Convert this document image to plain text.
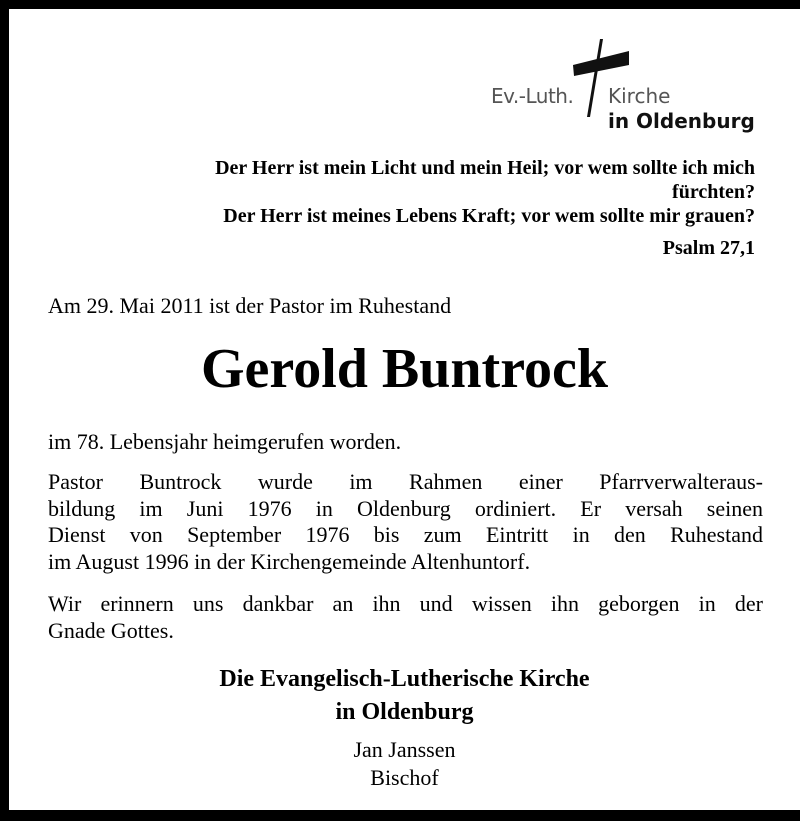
Ev.-Luth. Kirche
in Oldenburg
Der Herr ist mein Licht und mein Heil; vor wem sollte ich mich
fürchten?
Der Herr ist meines Lebens Kraft; vor wem sollte mir grauen?
Psalm 27,1
Am 29. Mai 2011 ist der Pastor im Ruhestand
Gerold Buntrock
im 78. Lebensjahr heimgerufen worden.
Pastor Buntrock wurde im Rahmen einer Pfarrverwalteraus-
bildung im Juni 1976 in Oldenburg ordiniert. Er versah seinen
Dienst von September 1976 bis zum Eintritt in den Ruhestand
im August 1996 in der Kirchengemeinde Altenhuntorf.
Wir erinnern uns dankbar an ihn und wissen ihn geborgen in der
Gnade Gottes.
Die Evangelisch-Lutherische Kirche
in Oldenburg
Jan Janssen
Bischof
